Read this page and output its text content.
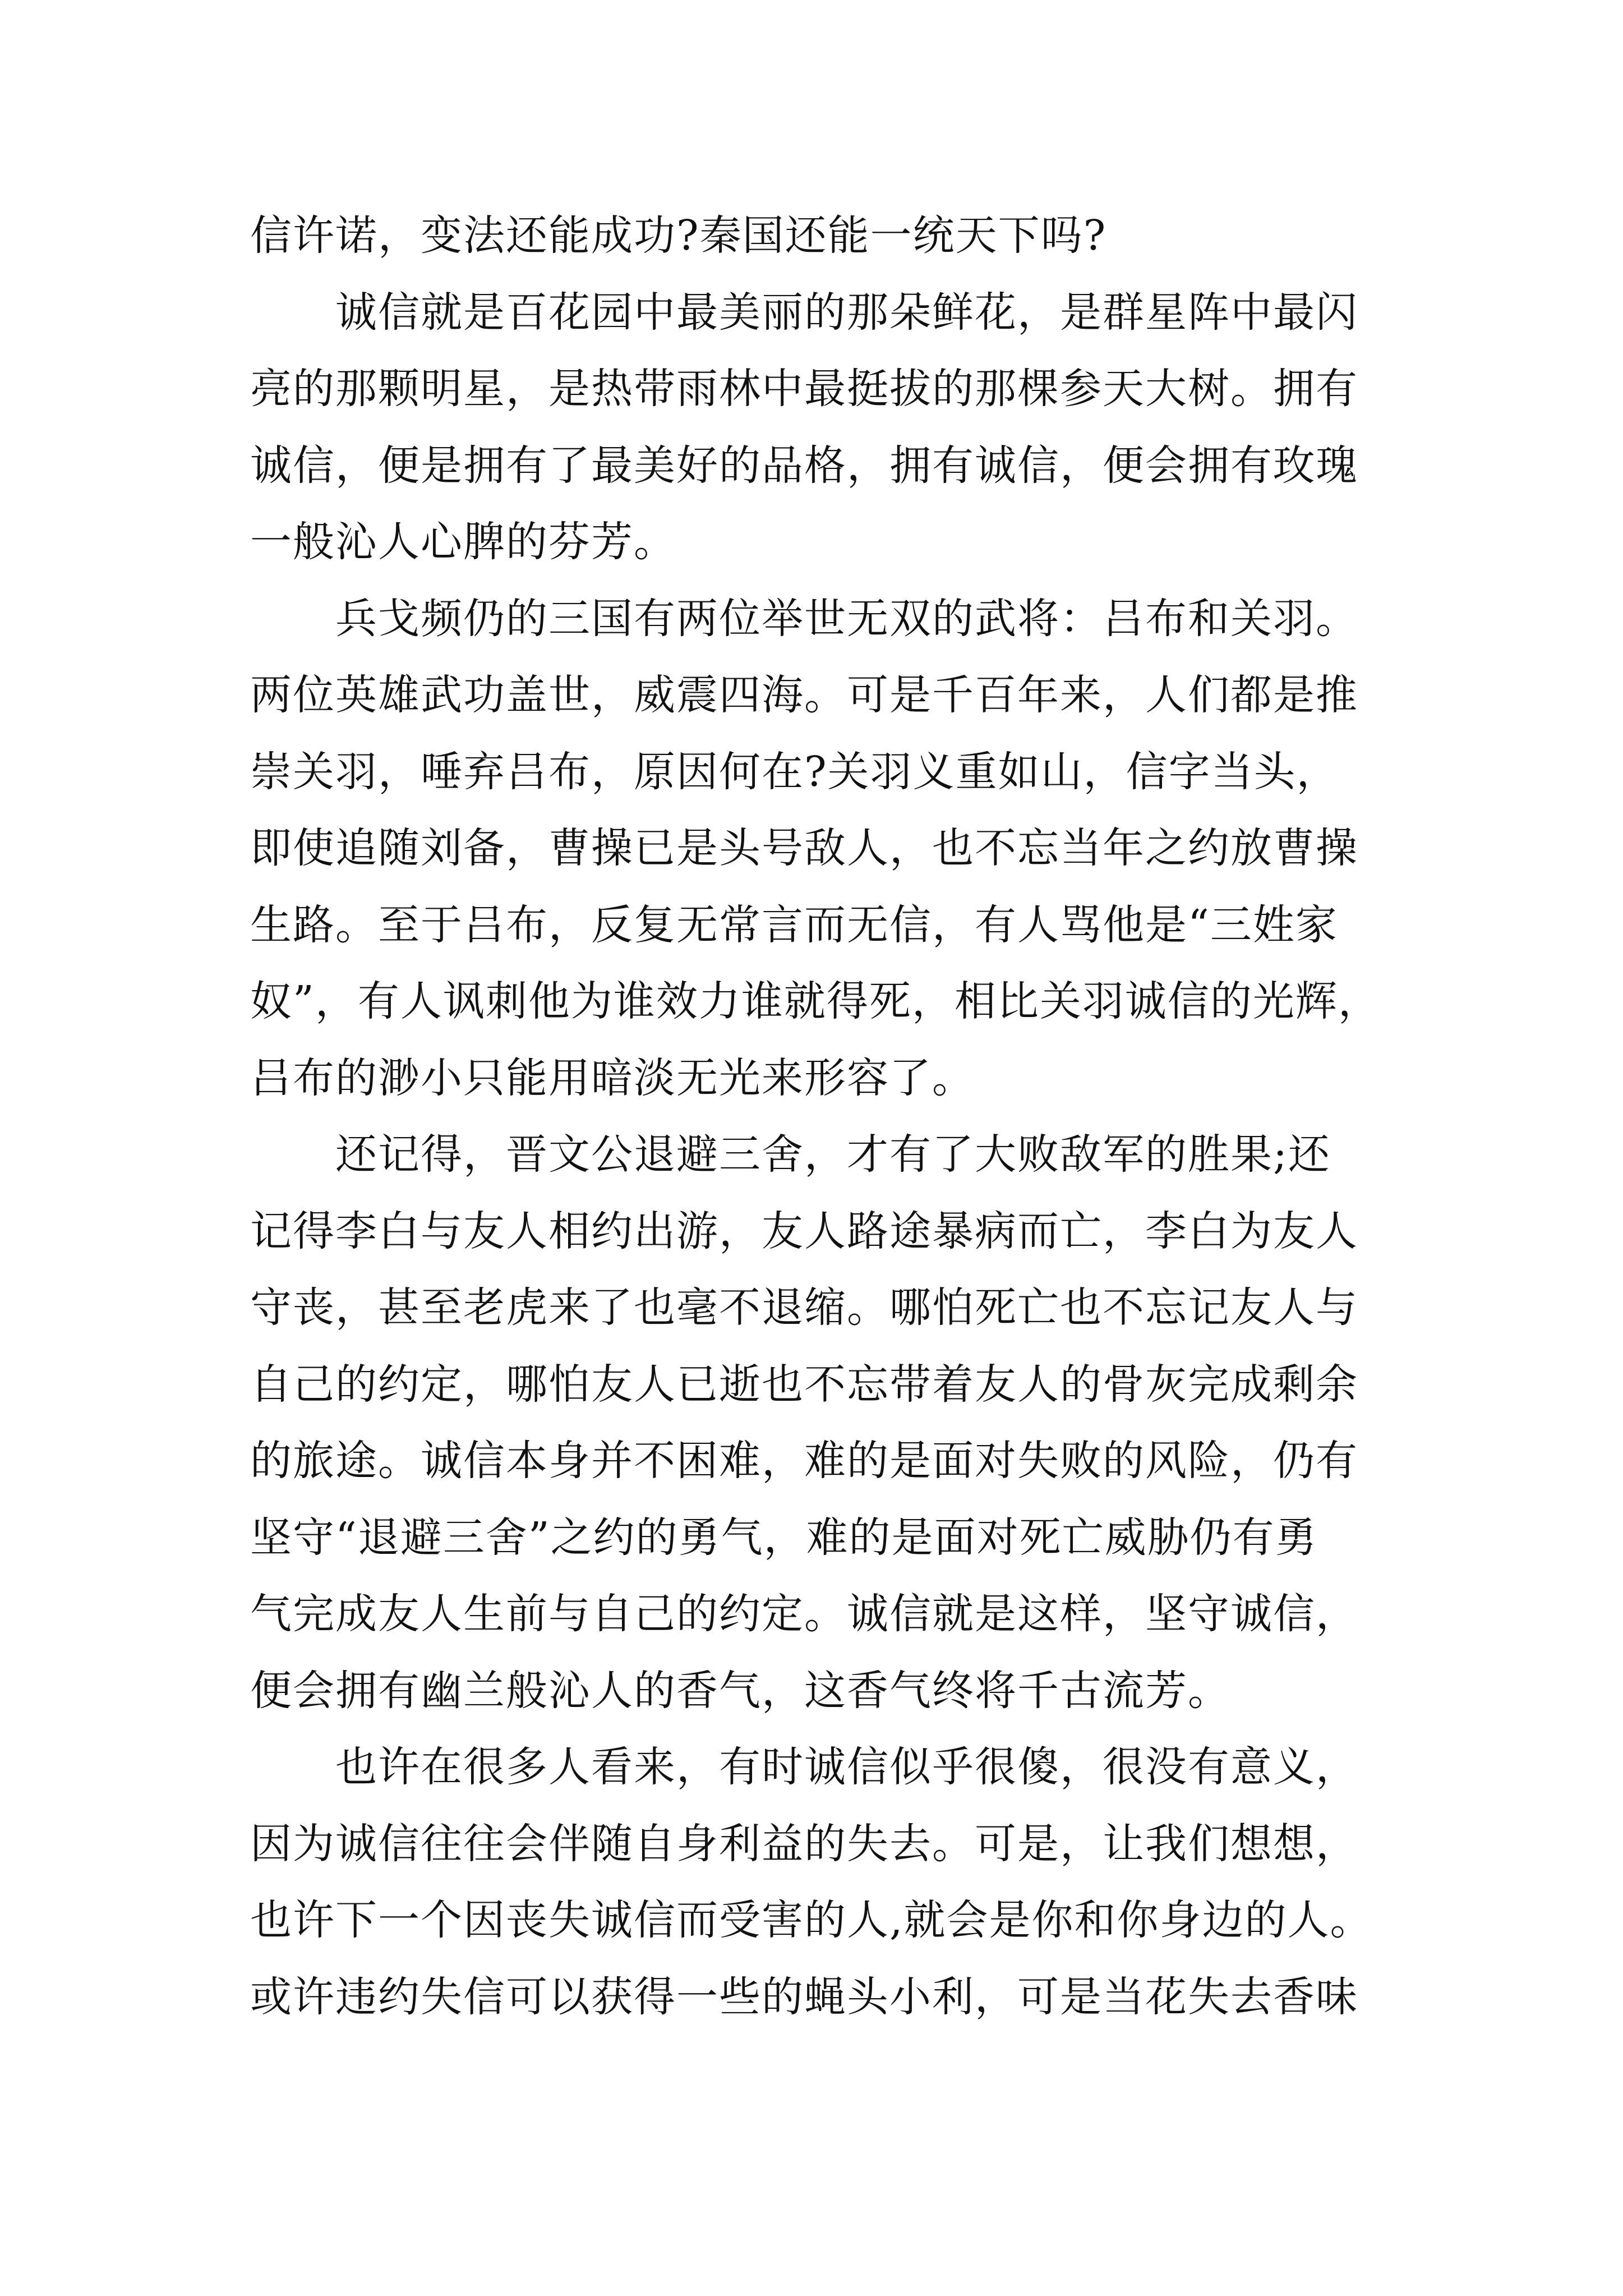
信许诺，变法还能成功?秦国还能一统天下吗?
诚信就是百花园中最美丽的那朵鲜花，是群星阵中最闪
亮的那颗明星，是热带雨林中最挺拔的那棵参天大树。拥有
诚信，便是拥有了最美好的品格，拥有诚信，便会拥有玫瑰
一般沁人心脾的芬芳。
兵戈频仍的三国有两位举世无双的武将：吕布和关羽。
两位英雄武功盖世，威震四海。可是千百年来，人们都是推
崇关羽，唾弃吕布，原因何在?关羽义重如山，信字当头，
即使追随刘备，曹操已是头号敌人，也不忘当年之约放曹操
生路。至于吕布，反复无常言而无信，有人骂他是“三姓家
奴”，有人讽刺他为谁效力谁就得死，相比关羽诚信的光辉，
吕布的渺小只能用暗淡无光来形容了。
还记得，晋文公退避三舍，才有了大败敌军的胜果;还
记得李白与友人相约出游，友人路途暴病而亡，李白为友人
守丧，甚至老虎来了也毫不退缩。哪怕死亡也不忘记友人与
自己的约定，哪怕友人已逝也不忘带着友人的骨灰完成剩余
的旅途。诚信本身并不困难，难的是面对失败的风险，仍有
坚守“退避三舍”之约的勇气，难的是面对死亡威胁仍有勇
气完成友人生前与自己的约定。诚信就是这样，坚守诚信，
便会拥有幽兰般沁人的香气，这香气终将千古流芳。
也许在很多人看来，有时诚信似乎很傻，很没有意义，
因为诚信往往会伴随自身利益的失去。可是，让我们想想，
也许下一个因丧失诚信而受害的人,就会是你和你身边的人。
或许违约失信可以获得一些的蝇头小利，可是当花失去香味
